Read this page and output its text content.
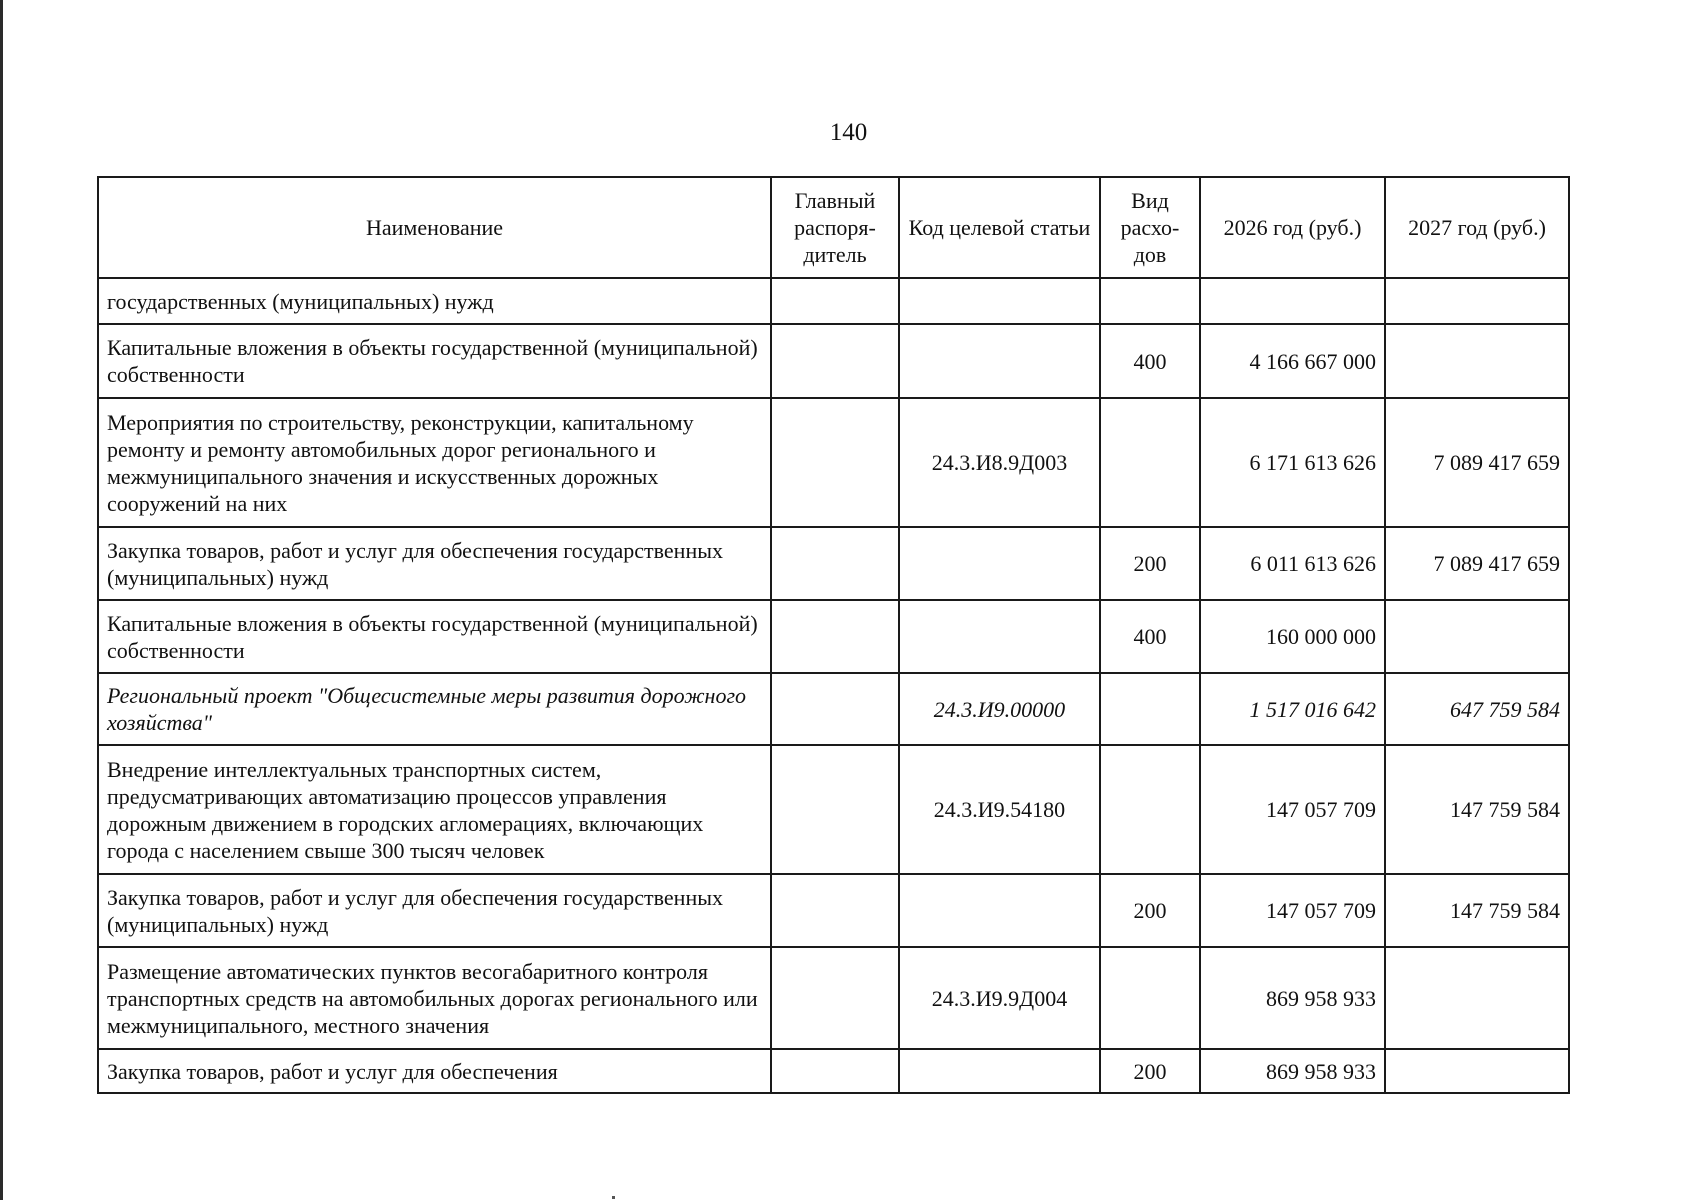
140
Наименование	Главный распоря-дитель	Код целевой статьи	Вид расхо-дов	2026 год (руб.)	2027 год (руб.)
государственных (муниципальных) нужд					
Капитальные вложения в объекты государственной (муниципальной) собственности			400	4 166 667 000	
Мероприятия по строительству, реконструкции, капитальному ремонту и ремонту автомобильных дорог регионального и межмуниципального значения и искусственных дорожных сооружений на них		24.3.И8.9Д003		6 171 613 626	7 089 417 659
Закупка товаров, работ и услуг для обеспечения государственных (муниципальных) нужд			200	6 011 613 626	7 089 417 659
Капитальные вложения в объекты государственной (муниципальной) собственности			400	160 000 000	
Региональный проект "Общесистемные меры развития дорожного хозяйства"		24.3.И9.00000		1 517 016 642	647 759 584
Внедрение интеллектуальных транспортных систем, предусматривающих автоматизацию процессов управления дорожным движением в городских агломерациях, включающих города с населением свыше 300 тысяч человек		24.3.И9.54180		147 057 709	147 759 584
Закупка товаров, работ и услуг для обеспечения государственных (муниципальных) нужд			200	147 057 709	147 759 584
Размещение автоматических пунктов весогабаритного контроля транспортных средств на автомобильных дорогах регионального или межмуниципального, местного значения		24.3.И9.9Д004		869 958 933	
Закупка товаров, работ и услуг для обеспечения			200	869 958 933	
